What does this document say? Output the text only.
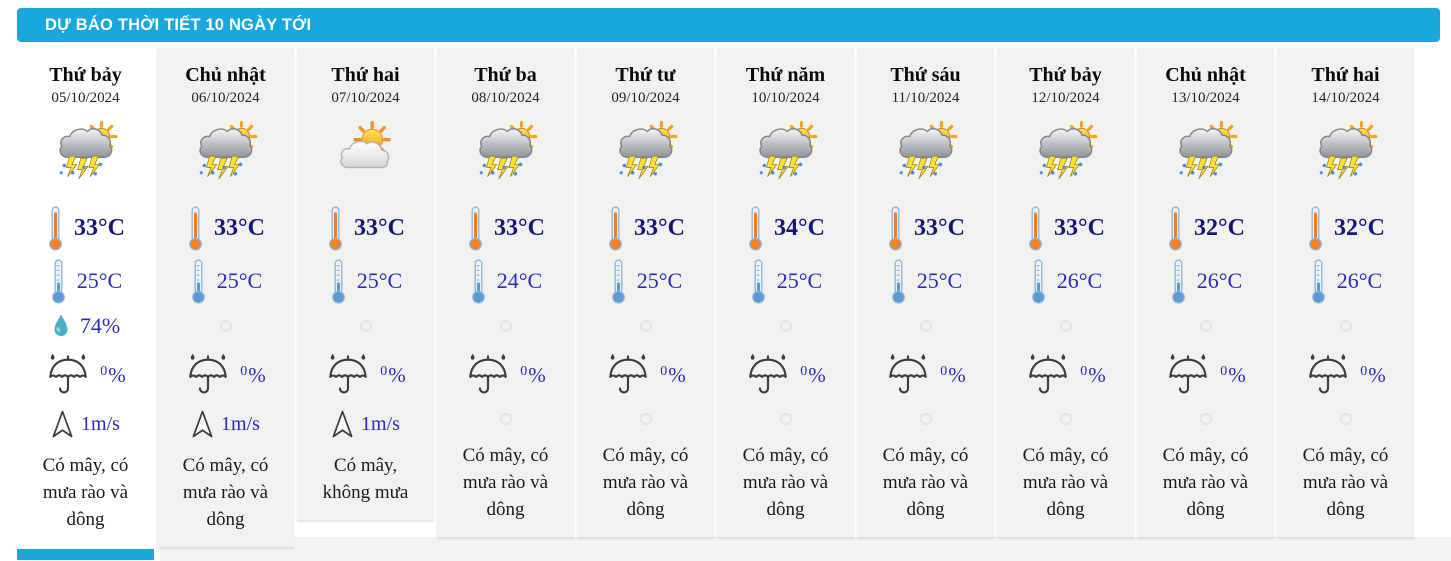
DỰ BÁO THỜI TIẾT 10 NGÀY TỚI
Thứ bảy
05/10/2024
33°C
25°C
74%
0%
1m/s
Có mây, có mưa rào và dông
Chủ nhật
06/10/2024
33°C
25°C
0%
1m/s
Có mây, có mưa rào và dông
Thứ hai
07/10/2024
33°C
25°C
0%
1m/s
Có mây, không mưa
Thứ ba
08/10/2024
33°C
24°C
0%
Có mây, có mưa rào và dông
Thứ tư
09/10/2024
33°C
25°C
0%
Có mây, có mưa rào và dông
Thứ năm
10/10/2024
34°C
25°C
0%
Có mây, có mưa rào và dông
Thứ sáu
11/10/2024
33°C
25°C
0%
Có mây, có mưa rào và dông
Thứ bảy
12/10/2024
33°C
26°C
0%
Có mây, có mưa rào và dông
Chủ nhật
13/10/2024
32°C
26°C
0%
Có mây, có mưa rào và dông
Thứ hai
14/10/2024
32°C
26°C
0%
Có mây, có mưa rào và dông
